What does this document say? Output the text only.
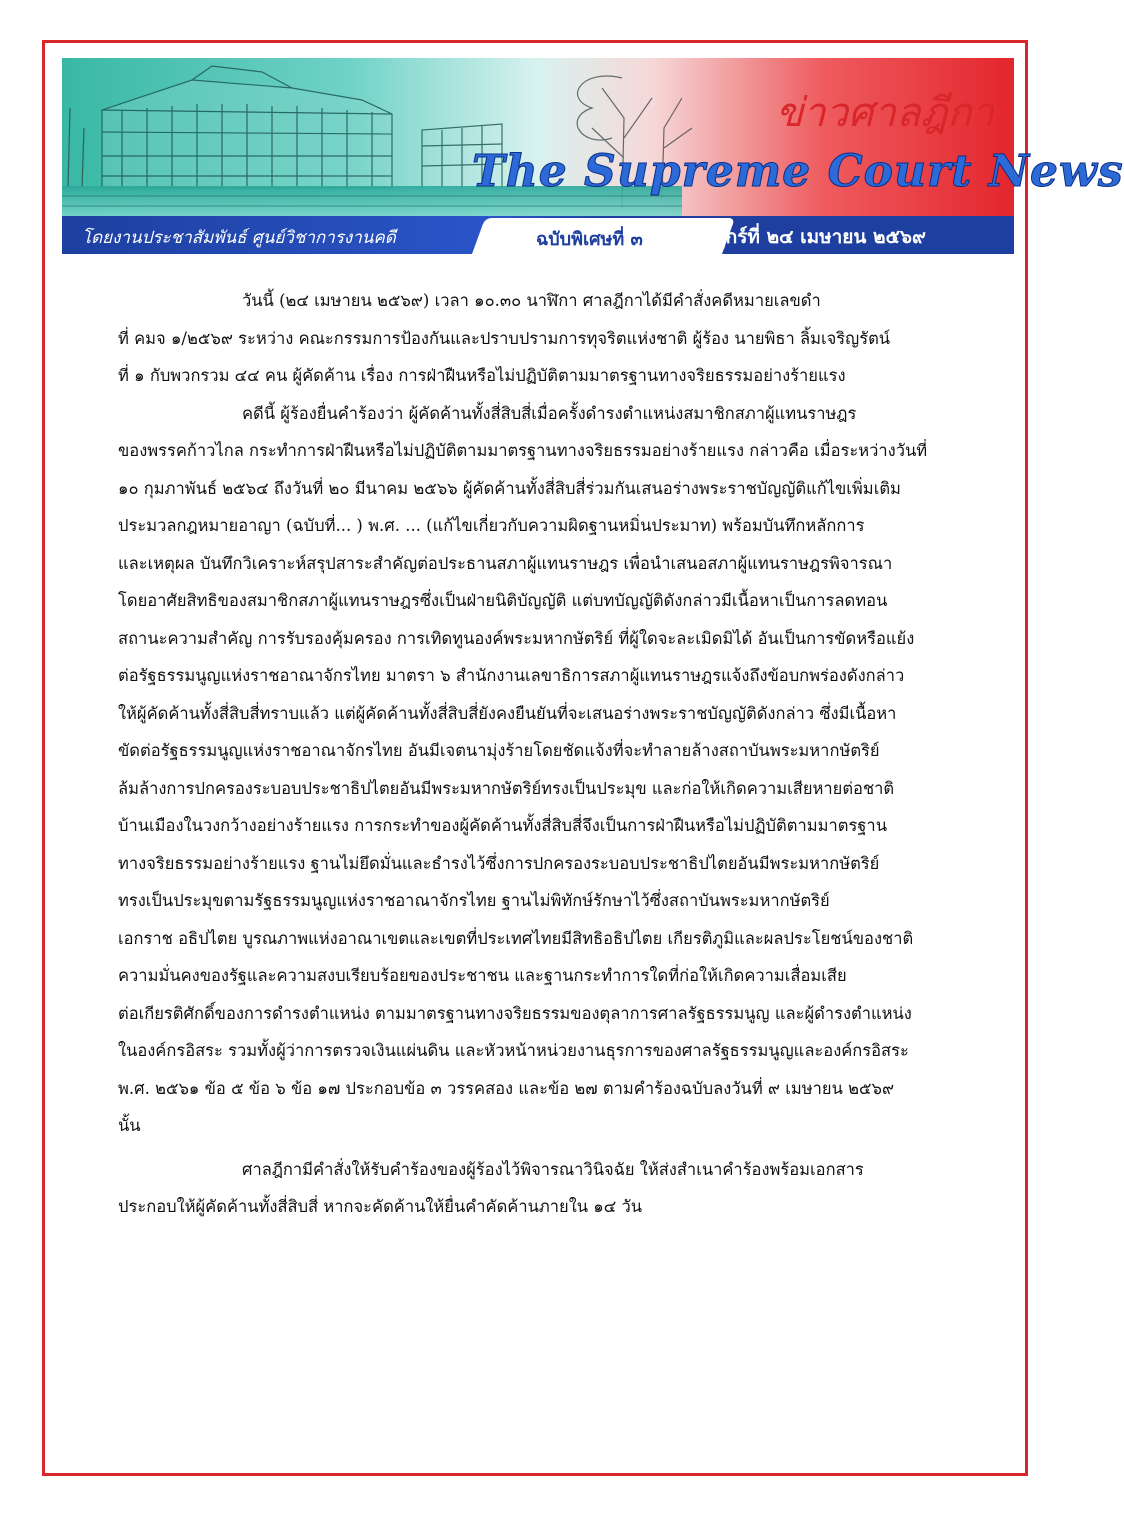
ข่าวศาลฎีกา
The Supreme Court News
โดยงานประชาสัมพันธ์ ศูนย์วิชาการงานคดี	ฉบับพิเศษที่ ๓ วันศุกร์ที่ ๒๔ เมษายน ๒๕๖๙

วันนี้ (๒๔ เมษายน ๒๕๖๙) เวลา ๑๐.๓๐ นาฬิกา ศาลฎีกาได้มีคำสั่งคดีหมายเลขดำ
ที่ คมจ ๑/๒๕๖๙ ระหว่าง คณะกรรมการป้องกันและปราบปรามการทุจริตแห่งชาติ ผู้ร้อง นายพิธา ลิ้มเจริญรัตน์
ที่ ๑ กับพวกรวม ๔๔ คน ผู้คัดค้าน เรื่อง การฝ่าฝืนหรือไม่ปฏิบัติตามมาตรฐานทางจริยธรรมอย่างร้ายแรง

คดีนี้ ผู้ร้องยื่นคำร้องว่า ผู้คัดค้านทั้งสี่สิบสี่เมื่อครั้งดำรงตำแหน่งสมาชิกสภาผู้แทนราษฎร
ของพรรคก้าวไกล กระทำการฝ่าฝืนหรือไม่ปฏิบัติตามมาตรฐานทางจริยธรรมอย่างร้ายแรง กล่าวคือ เมื่อระหว่างวันที่
๑๐ กุมภาพันธ์ ๒๕๖๔ ถึงวันที่ ๒๐ มีนาคม ๒๕๖๖ ผู้คัดค้านทั้งสี่สิบสี่ร่วมกันเสนอร่างพระราชบัญญัติแก้ไขเพิ่มเติม
ประมวลกฎหมายอาญา (ฉบับที่... ) พ.ศ. ... (แก้ไขเกี่ยวกับความผิดฐานหมิ่นประมาท) พร้อมบันทึกหลักการ
และเหตุผล บันทึกวิเคราะห์สรุปสาระสำคัญต่อประธานสภาผู้แทนราษฎร เพื่อนำเสนอสภาผู้แทนราษฎรพิจารณา
โดยอาศัยสิทธิของสมาชิกสภาผู้แทนราษฎรซึ่งเป็นฝ่ายนิติบัญญัติ แต่บทบัญญัติดังกล่าวมีเนื้อหาเป็นการลดทอน
สถานะความสำคัญ การรับรองคุ้มครอง การเทิดทูนองค์พระมหากษัตริย์ ที่ผู้ใดจะละเมิดมิได้ อันเป็นการขัดหรือแย้ง
ต่อรัฐธรรมนูญแห่งราชอาณาจักรไทย มาตรา ๖ สำนักงานเลขาธิการสภาผู้แทนราษฎรแจ้งถึงข้อบกพร่องดังกล่าว
ให้ผู้คัดค้านทั้งสี่สิบสี่ทราบแล้ว แต่ผู้คัดค้านทั้งสี่สิบสี่ยังคงยืนยันที่จะเสนอร่างพระราชบัญญัติดังกล่าว ซึ่งมีเนื้อหา
ขัดต่อรัฐธรรมนูญแห่งราชอาณาจักรไทย อันมีเจตนามุ่งร้ายโดยชัดแจ้งที่จะทำลายล้างสถาบันพระมหากษัตริย์
ล้มล้างการปกครองระบอบประชาธิปไตยอันมีพระมหากษัตริย์ทรงเป็นประมุข และก่อให้เกิดความเสียหายต่อชาติ
บ้านเมืองในวงกว้างอย่างร้ายแรง การกระทำของผู้คัดค้านทั้งสี่สิบสี่จึงเป็นการฝ่าฝืนหรือไม่ปฏิบัติตามมาตรฐาน
ทางจริยธรรมอย่างร้ายแรง ฐานไม่ยึดมั่นและธำรงไว้ซึ่งการปกครองระบอบประชาธิปไตยอันมีพระมหากษัตริย์
ทรงเป็นประมุขตามรัฐธรรมนูญแห่งราชอาณาจักรไทย ฐานไม่พิทักษ์รักษาไว้ซึ่งสถาบันพระมหากษัตริย์
เอกราช อธิปไตย บูรณภาพแห่งอาณาเขตและเขตที่ประเทศไทยมีสิทธิอธิปไตย เกียรติภูมิและผลประโยชน์ของชาติ
ความมั่นคงของรัฐและความสงบเรียบร้อยของประชาชน และฐานกระทำการใดที่ก่อให้เกิดความเสื่อมเสีย
ต่อเกียรติศักดิ์ของการดำรงตำแหน่ง ตามมาตรฐานทางจริยธรรมของตุลาการศาลรัฐธรรมนูญ และผู้ดำรงตำแหน่ง
ในองค์กรอิสระ รวมทั้งผู้ว่าการตรวจเงินแผ่นดิน และหัวหน้าหน่วยงานธุรการของศาลรัฐธรรมนูญและองค์กรอิสระ
พ.ศ. ๒๕๖๑ ข้อ ๕ ข้อ ๖ ข้อ ๑๗ ประกอบข้อ ๓ วรรคสอง และข้อ ๒๗ ตามคำร้องฉบับลงวันที่ ๙ เมษายน ๒๕๖๙
นั้น

ศาลฎีกามีคำสั่งให้รับคำร้องของผู้ร้องไว้พิจารณาวินิจฉัย ให้ส่งสำเนาคำร้องพร้อมเอกสาร
ประกอบให้ผู้คัดค้านทั้งสี่สิบสี่ หากจะคัดค้านให้ยื่นคำคัดค้านภายใน ๑๔ วัน
